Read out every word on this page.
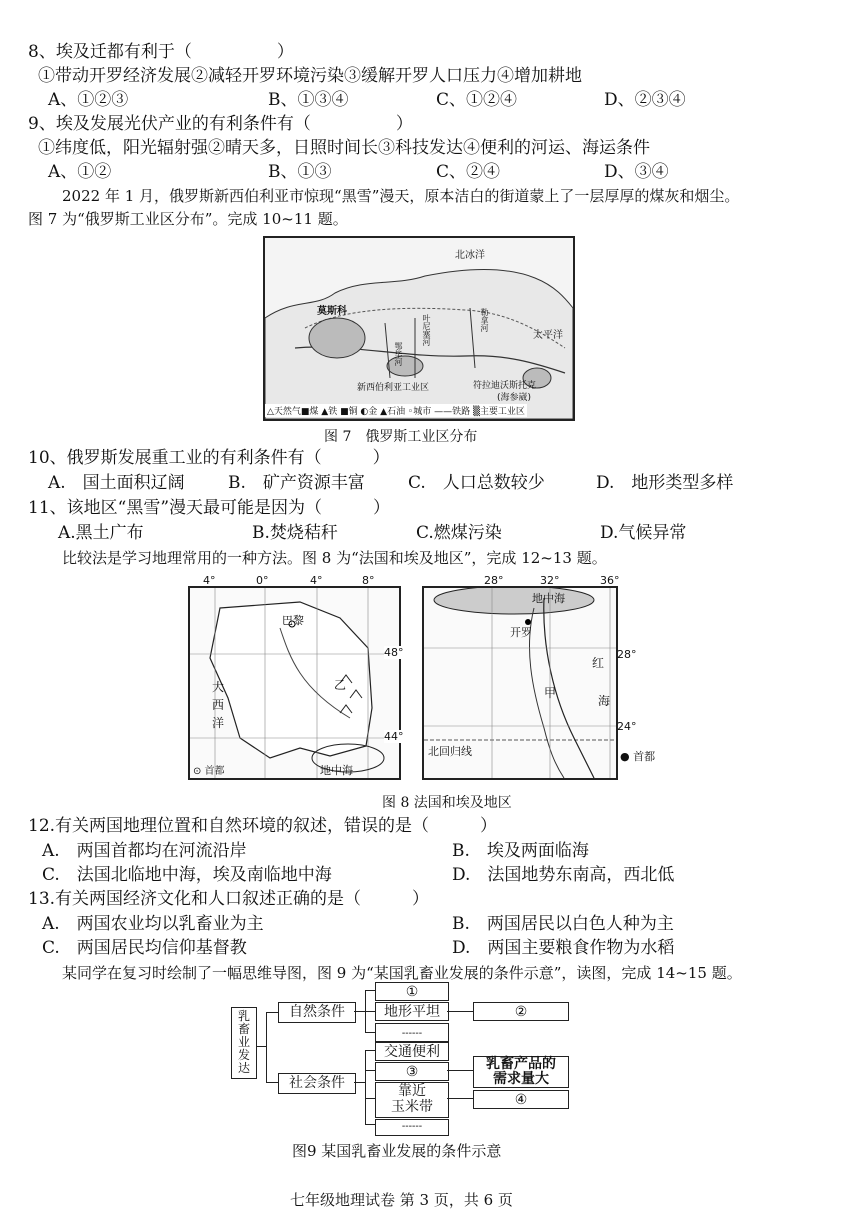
8、埃及迁都有利于（　　　　　）
①带动开罗经济发展②减轻开罗环境污染③缓解开罗人口压力④增加耕地
A、①②③	B、①③④	C、①②④	D、②③④
9、埃及发展光伏产业的有利条件有（　　　　　）
①纬度低，阳光辐射强②晴天多，日照时间长③科技发达④便利的河运、海运条件
A、①②	B、①③	C、②④	D、③④
2022 年 1 月，俄罗斯新西伯利亚市惊现“黑雪”漫天，原本洁白的街道蒙上了一层厚厚的煤灰和烟尘。
图 7 为“俄罗斯工业区分布”。完成 10~11 题。
北冰洋
莫斯科
太平洋
叶尼塞河	勒拿河
鄂毕河
新西伯利亚工业区	符拉迪沃斯托克
(海参崴)
△天然气■煤 ▲铁 ■铜 ◐金 ▲石油 ◦城市 ——铁路 ▒主要工业区
图 7　俄罗斯工业区分布
10、俄罗斯发展重工业的有利条件有（　　　）
A.　国土面积辽阔	B.　矿产资源丰富	C.　人口总数较少	D.　地形类型多样
11、该地区“黑雪”漫天最可能是因为（　　　）
A.黑土广布	B.焚烧秸秆	C.燃煤污染	D.气候异常
比较法是学习地理常用的一种方法。图 8 为“法国和埃及地区”，完成 12~13 题。
巴黎
大
西
洋
乙
地中海
⊙ 首都
4°	0°	4°	8°
48°
44°
地中海
开罗
红
海
甲
北回归线
28°	32°	36°
28°
24°
● 首都
图 8 法国和埃及地区
12.有关两国地理位置和自然环境的叙述，错误的是（　　　）
A.　两国首都均在河流沿岸	B.　埃及两面临海
C.　法国北临地中海，埃及南临地中海	D.　法国地势东南高，西北低
13.有关两国经济文化和人口叙述正确的是（　　　）
A.　两国农业均以乳畜业为主	B.　两国居民以白色人种为主
C.　两国居民均信仰基督教	D.　两国主要粮食作物为水稻
某同学在复习时绘制了一幅思维导图，图 9 为“某国乳畜业发展的条件示意”，读图，完成 14~15 题。
乳
畜
业
发
达
自然条件
①
地形平坦
------
②
社会条件
交通便利
③
靠近
玉米带
------
乳畜产品的
需求量大
④
图9 某国乳畜业发展的条件示意
七年级地理试卷 第 3 页，共 6 页
